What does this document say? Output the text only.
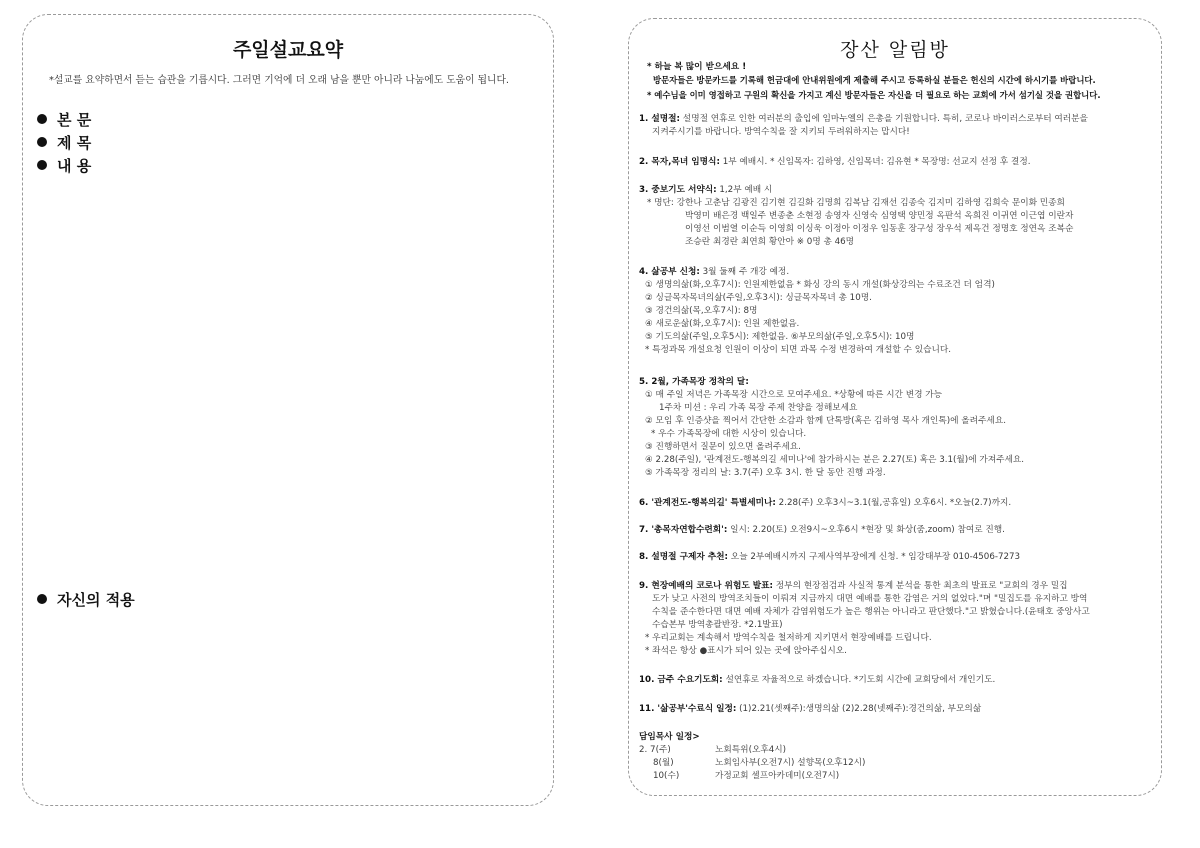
주일설교요약
*설교를 요약하면서 듣는 습관을 기릅시다. 그러면 기억에 더 오래 남을 뿐만 아니라 나눔에도 도움이 됩니다.
본 문
제 목
내 용
자신의 적용
장산 알림방
* 하늘 복 많이 받으세요 !
방문자들은 방문카드를 기록해 헌금대에 안내위원에게 제출해 주시고 등록하실 분들은 헌신의 시간에 하시기를 바랍니다.
* 예수님을 이미 영접하고 구원의 확신을 가지고 계신 방문자들은 자신을 더 필요로 하는 교회에 가서 섬기실 것을 권합니다.
1. 설명절: 설명절 연휴로 인한 여러분의 출입에 임마누엘의 은총을 기원합니다. 특히, 코로나 바이러스로부터 여러분을
지켜주시기를 바랍니다. 방역수칙을 잘 지키되 두려워하지는 맙시다!
2. 목자,목녀 임명식: 1부 예배시. * 신임목자: 김하영, 신임목녀: 김유현 * 목장명: 선교지 선정 후 결정.
3. 중보기도 서약식: 1,2부 예배 시
* 명단: 강한나 고춘남 김광진 김기현 김길화 김명희 김복남 김재선 김종숙 김지미 김하영 김희숙 문이화 민종희
박영미 배은경 백일주 변종춘 소현정 송영자 신영숙 심영택 양민정 옥판석 옥희진 이귀연 이근엽 이란자
이영선 이범열 이순득 이영희 이싱욱 이정아 이정우 임동훈 장구성 장우석 제옥건 정명호 정연옥 조복순
조승란 최경란 최연희 황안아 ※ 0명 총 46명
4. 삶공부 신청: 3월 둘째 주 개강 예정.
① 생명의삶(화,오후7시): 인원제한없음 * 화싱 강의 동시 개설(화상강의는 수료조건 더 엄격)
② 싱글목자목녀의삶(주일,오후3시): 싱글목자목녀 총 10명.
③ 경건의삶(목,오후7시): 8명
④ 새로운삶(화,오후7시): 인원 제한없음.
⑤ 기도의삶(주일,오후5시): 제한없음. ⑥부모의삶(주일,오후5시): 10명
* 특정과목 개설요청 인원이 이상이 되면 과목 수정 변경하여 개설할 수 있습니다.
5. 2월, 가족목장 정착의 달:
① 매 주일 저녁은 가족목장 시간으로 모여주세요. *상황에 따른 시간 변경 가능
1주차 미션 : 우리 가족 목장 주제 찬양을 정해보세요
② 모임 후 인증샷을 찍어서 간단한 소감과 함께 단톡방(혹은 김하영 목사 개인톡)에 올려주세요.
* 우수 가족목장에 대한 시상이 있습니다.
③ 진행하면서 질문이 있으면 올려주세요.
④ 2.28(주일), '관계전도-행복의길 세미나'에 참가하시는 분은 2.27(토) 혹은 3.1(월)에 가져주세요.
⑤ 가족목장 정리의 날: 3.7(주) 오후 3시. 한 달 동안 진행 과정.
6. '관계전도-행복의길' 특별세미나: 2.28(주) 오후3시~3.1(월,공휴일) 오후6시. *오늘(2.7)까지.
7. '총목자연합수련회': 일시: 2.20(토) 오전9시~오후6시 *현장 및 화상(줌,zoom) 참여로 진행.
8. 설명절 구제자 추천: 오늘 2부예배시까지 구제사역부장에게 신청. * 임강태부장 010-4506-7273
9. 현장예배의 코로나 위험도 발표: 정부의 현장점검과 사실적 통계 분석을 통한 최초의 발표로 "교회의 경우 밀집
도가 낮고 사전의 방역조치들이 이뤄져 지금까지 대면 예배를 통한 감염은 거의 없었다."며 "밀집도를 유지하고 방역
수칙을 준수한다면 대면 예배 자체가 감염위험도가 높은 행위는 아니라고 판단했다."고 밝혔습니다.(윤태호 중앙사고
수습본부 방역총괄반장. *2.1발표)
* 우리교회는 계속해서 방역수칙을 철저하게 지키면서 현장예배를 드립니다.
* 좌석은 항상 ●표시가 되어 있는 곳에 앉아주십시오.
10. 금주 수요기도회: 설연휴로 자율적으로 하겠습니다. *기도회 시간에 교회당에서 개인기도.
11. '삶공부'수료식 일정: (1)2.21(셋째주):생명의삶 (2)2.28(넷째주):경건의삶, 부모의삶
담임목사 일정>
2. 7(주)	노회특위(오후4시)
8(월)	노회임사부(오전7시) 설향목(오후12시)
10(수)	가정교회 셀프아카데미(오전7시)
